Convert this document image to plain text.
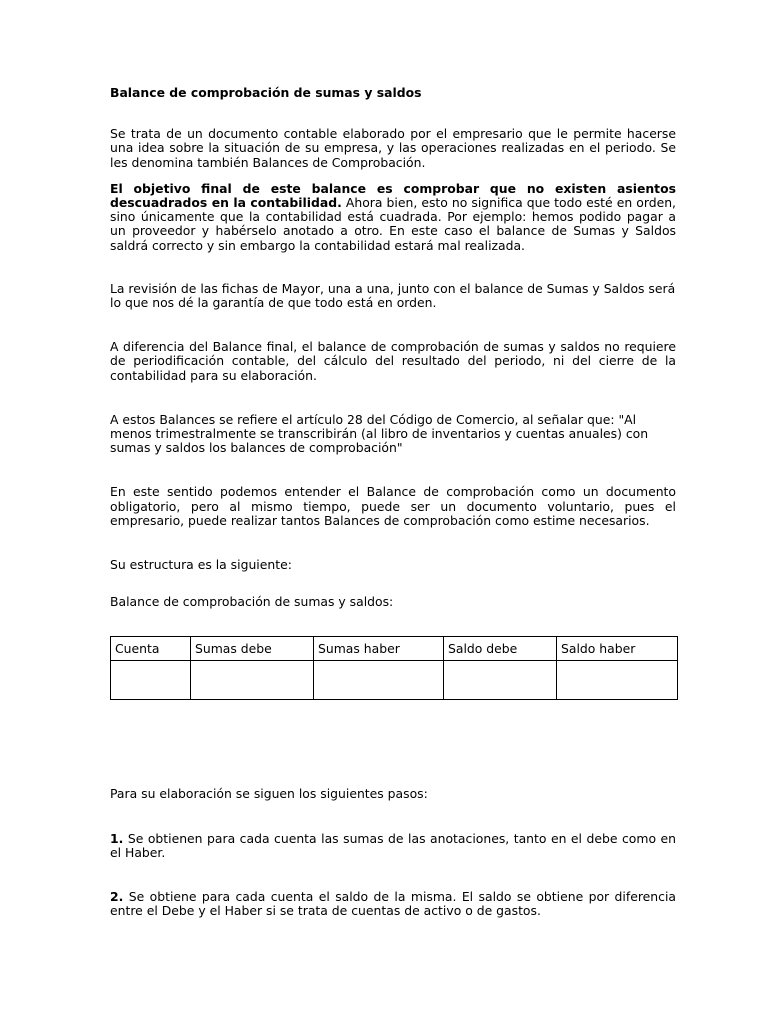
Balance de comprobación de sumas y saldos

Se trata de un documento contable elaborado por el empresario que le permite hacerse una idea sobre la situación de su empresa, y las operaciones realizadas en el periodo. Se les denomina también Balances de Comprobación.

El objetivo final de este balance es comprobar que no existen asientos descuadrados en la contabilidad. Ahora bien, esto no significa que todo esté en orden, sino únicamente que la contabilidad está cuadrada. Por ejemplo: hemos podido pagar a un proveedor y habérselo anotado a otro. En este caso el balance de Sumas y Saldos saldrá correcto y sin embargo la contabilidad estará mal realizada.

La revisión de las fichas de Mayor, una a una, junto con el balance de Sumas y Saldos será lo que nos dé la garantía de que todo está en orden.

A diferencia del Balance final, el balance de comprobación de sumas y saldos no requiere de periodificación contable, del cálculo del resultado del periodo, ni del cierre de la contabilidad para su elaboración.

A estos Balances se refiere el artículo 28 del Código de Comercio, al señalar que: "Al menos trimestralmente se transcribirán (al libro de inventarios y cuentas anuales) con sumas y saldos los balances de comprobación"

En este sentido podemos entender el Balance de comprobación como un documento obligatorio, pero al mismo tiempo, puede ser un documento voluntario, pues el empresario, puede realizar tantos Balances de comprobación como estime necesarios.

Su estructura es la siguiente:

Balance de comprobación de sumas y saldos:

Cuenta	Sumas debe	Sumas haber	Saldo debe	Saldo haber

Para su elaboración se siguen los siguientes pasos:

1. Se obtienen para cada cuenta las sumas de las anotaciones, tanto en el debe como en el Haber.

2. Se obtiene para cada cuenta el saldo de la misma. El saldo se obtiene por diferencia entre el Debe y el Haber si se trata de cuentas de activo o de gastos.
